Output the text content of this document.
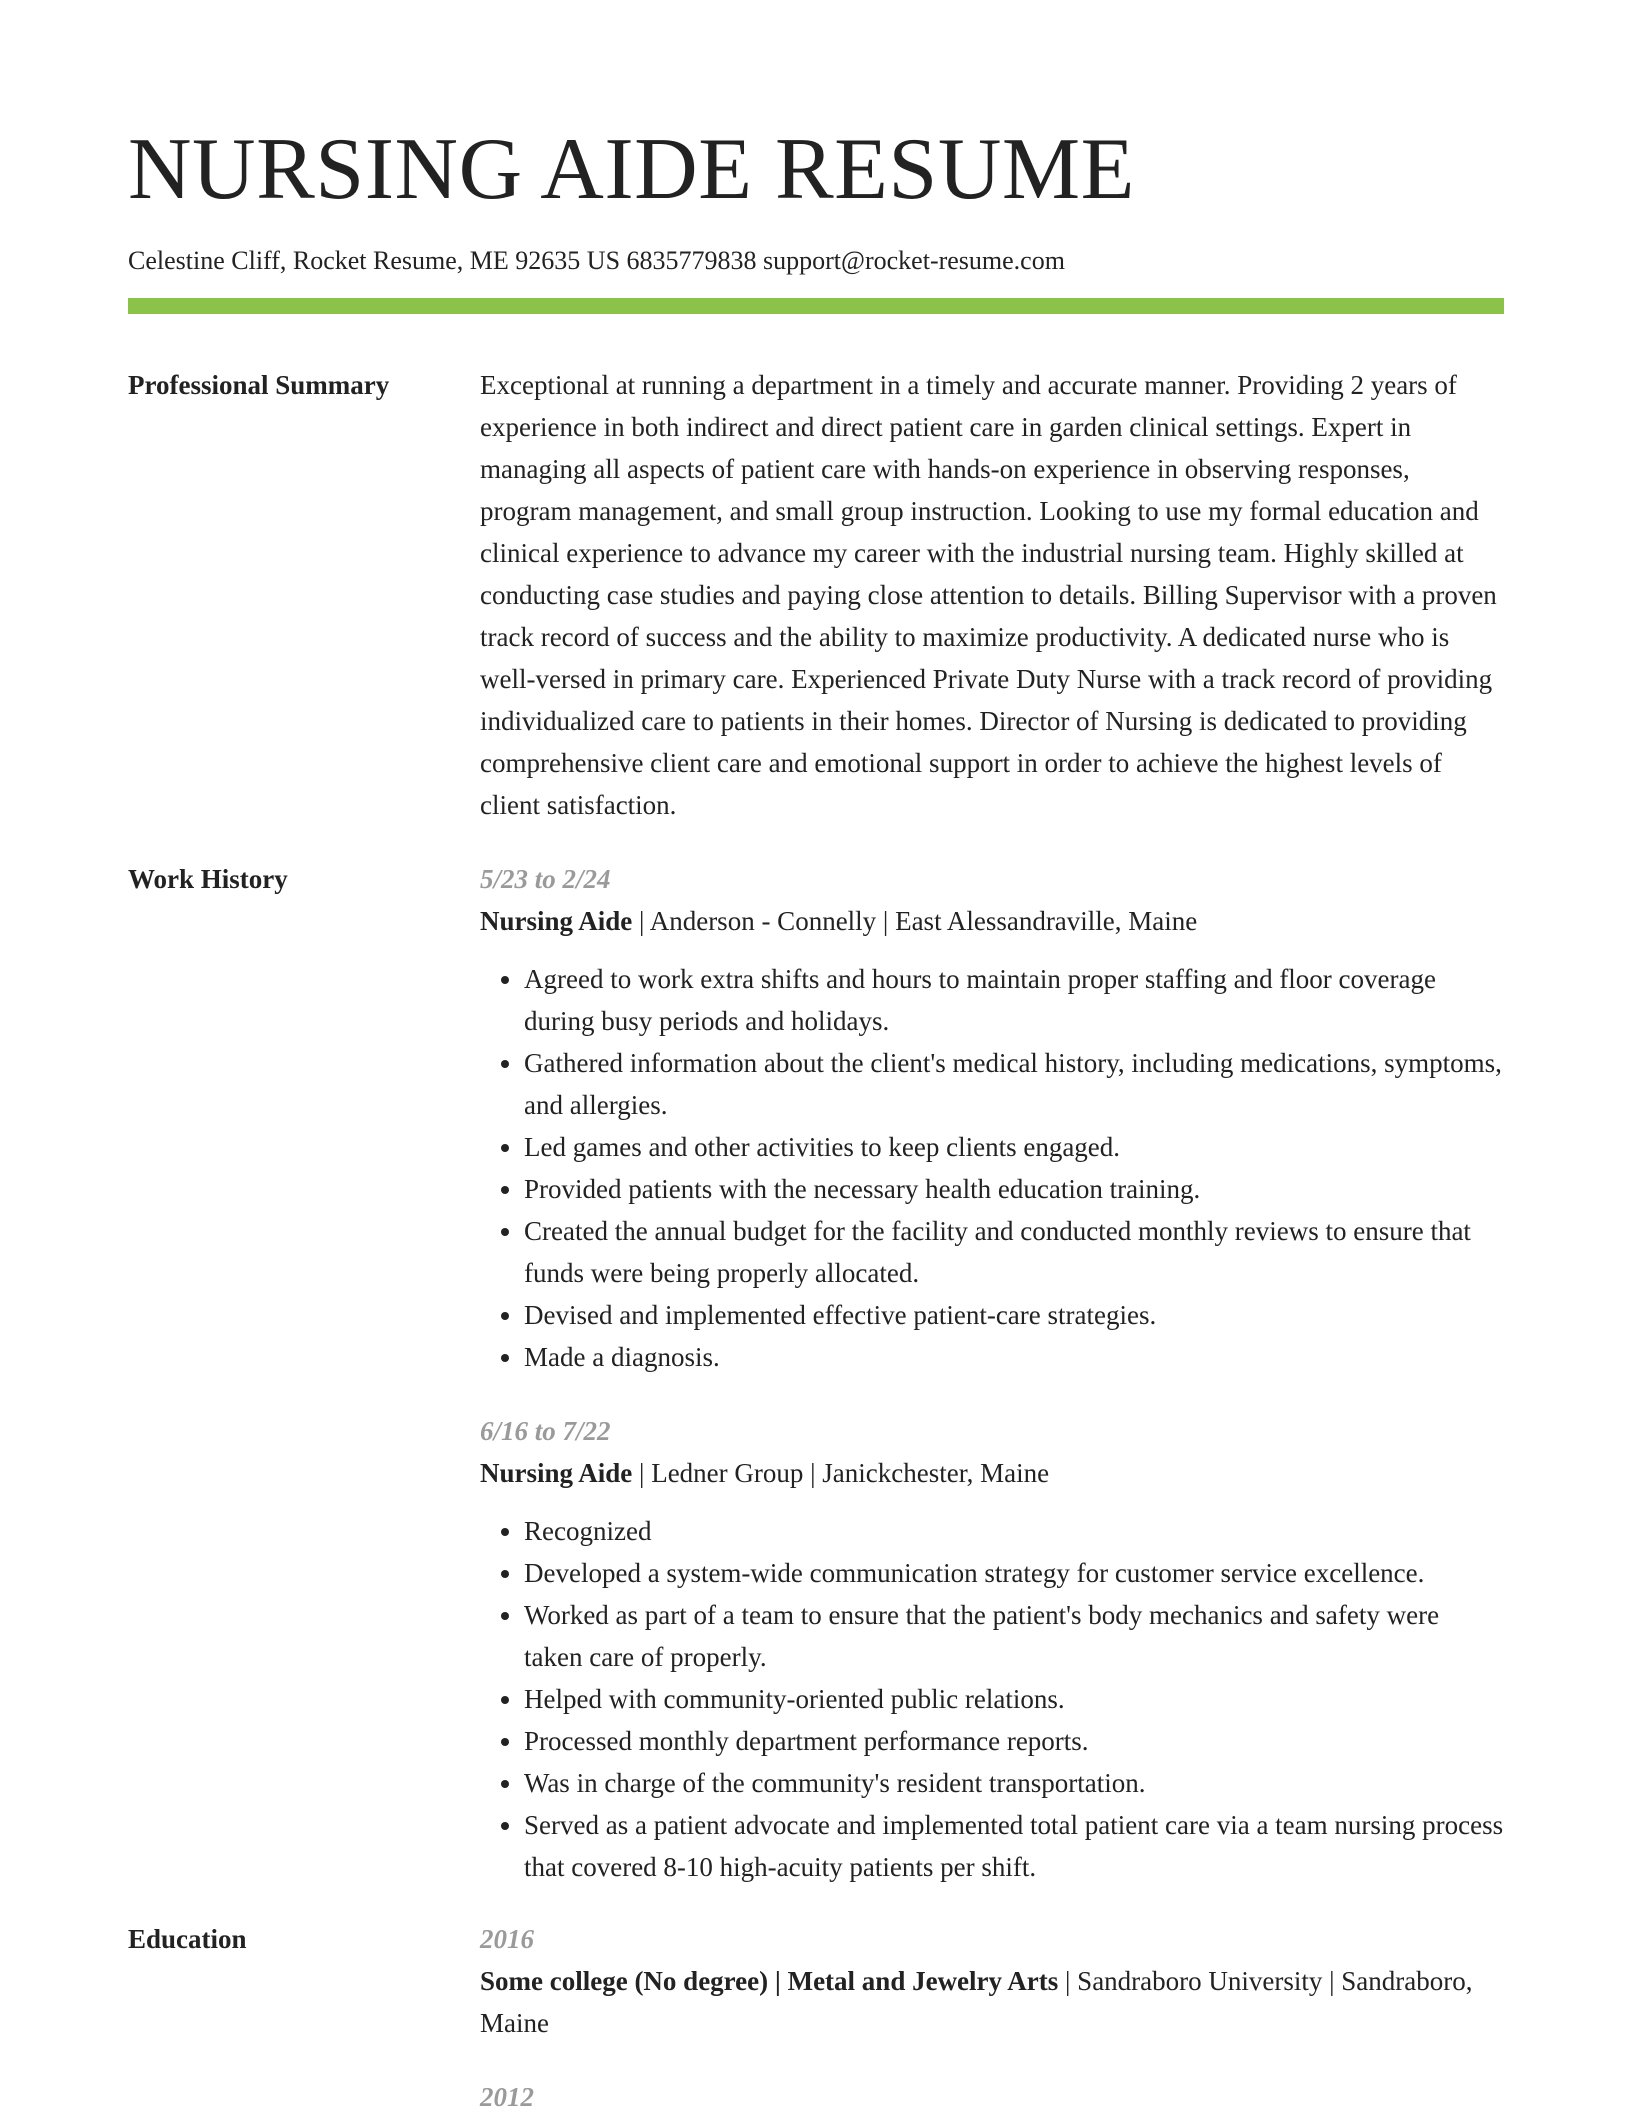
NURSING AIDE RESUME
Celestine Cliff, Rocket Resume, ME 92635 US 6835779838 support@rocket-resume.com
Professional Summary	Exceptional at running a department in a timely and accurate manner. Providing 2 years of experience in both indirect and direct patient care in garden clinical settings. Expert in managing all aspects of patient care with hands-on experience in observing responses, program management, and small group instruction. Looking to use my formal education and clinical experience to advance my career with the industrial nursing team. Highly skilled at conducting case studies and paying close attention to details. Billing Supervisor with a proven track record of success and the ability to maximize productivity. A dedicated nurse who is well-versed in primary care. Experienced Private Duty Nurse with a track record of providing individualized care to patients in their homes. Director of Nursing is dedicated to providing comprehensive client care and emotional support in order to achieve the highest levels of client satisfaction.

Work History	5/23 to 2/24
Nursing Aide | Anderson - Connelly | East Alessandraville, Maine
• Agreed to work extra shifts and hours to maintain proper staffing and floor coverage during busy periods and holidays.
• Gathered information about the client's medical history, including medications, symptoms, and allergies.
• Led games and other activities to keep clients engaged.
• Provided patients with the necessary health education training.
• Created the annual budget for the facility and conducted monthly reviews to ensure that funds were being properly allocated.
• Devised and implemented effective patient-care strategies.
• Made a diagnosis.
6/16 to 7/22
Nursing Aide | Ledner Group | Janickchester, Maine
• Recognized
• Developed a system-wide communication strategy for customer service excellence.
• Worked as part of a team to ensure that the patient's body mechanics and safety were taken care of properly.
• Helped with community-oriented public relations.
• Processed monthly department performance reports.
• Was in charge of the community's resident transportation.
• Served as a patient advocate and implemented total patient care via a team nursing process that covered 8-10 high-acuity patients per shift.
Education	2016
Some college (No degree) | Metal and Jewelry Arts | Sandraboro University | Sandraboro, Maine
2012
